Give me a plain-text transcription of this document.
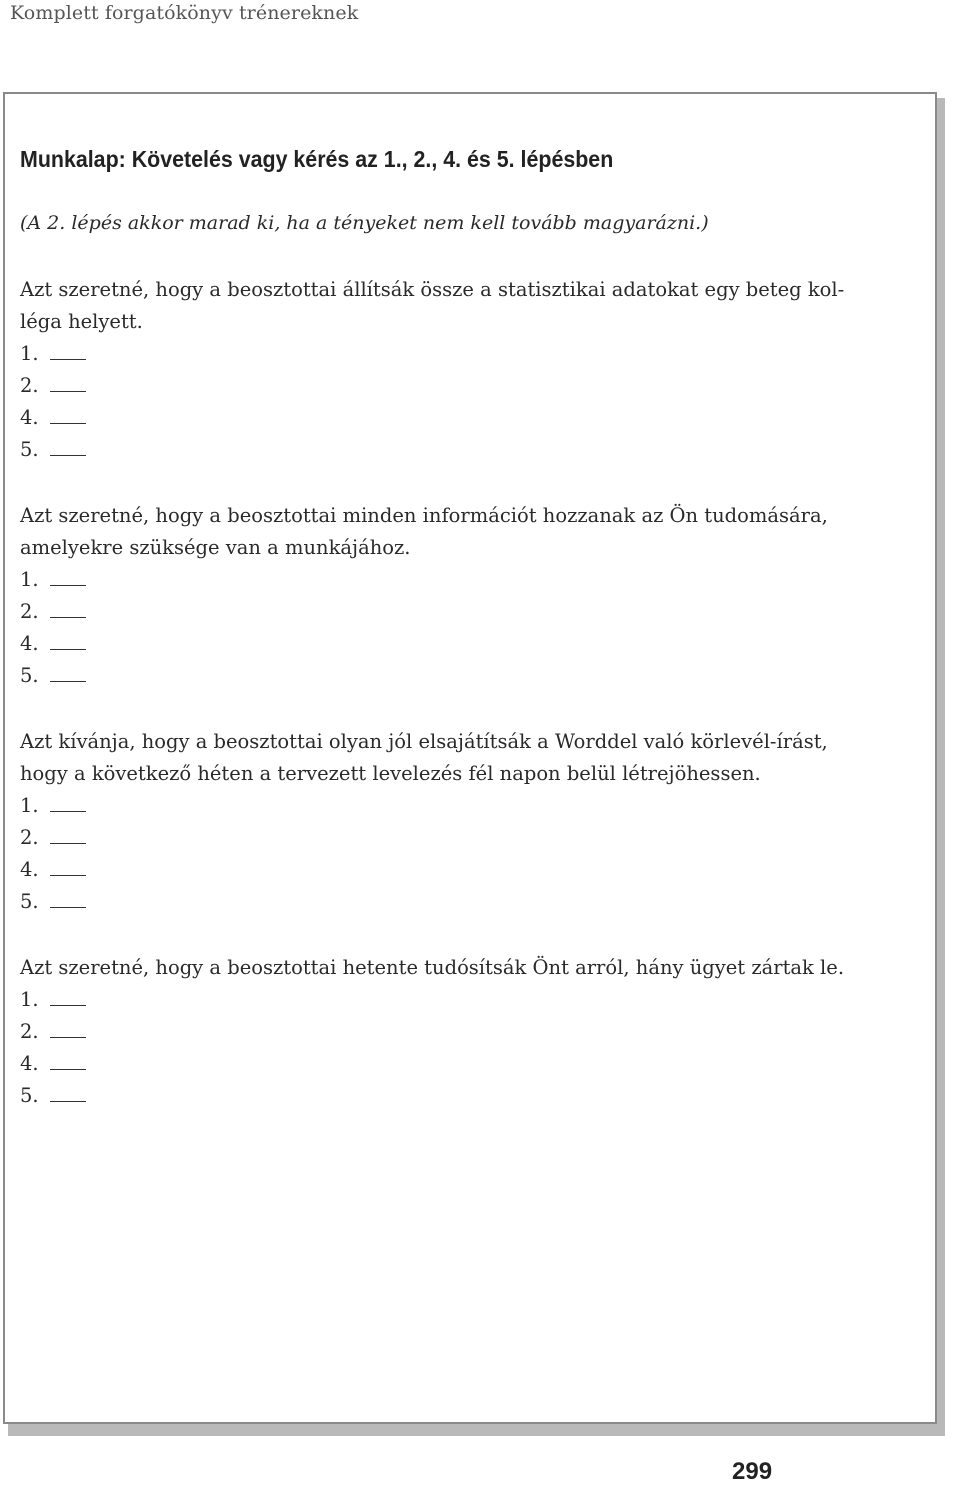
Komplett forgatókönyv trénereknek
Munkalap: Követelés vagy kérés az 1., 2., 4. és 5. lépésben
(A 2. lépés akkor marad ki, ha a tényeket nem kell tovább magyarázni.)

Azt szeretné, hogy a beosztottai állítsák össze a statisztikai adatokat egy beteg kol-

léga helyett.

1.
2.
4.
5.

Azt szeretné, hogy a beosztottai minden információt hozzanak az Ön tudomására,

amelyekre szüksége van a munkájához.

1.
2.
4.
5.

Azt kívánja, hogy a beosztottai olyan jól elsajátítsák a Worddel való körlevél-írást,

hogy a következő héten a tervezett levelezés fél napon belül létrejöhessen.

1.
2.
4.
5.

Azt szeretné, hogy a beosztottai hetente tudósítsák Önt arról, hány ügyet zártak le.

1.
2.
4.
5.
299
